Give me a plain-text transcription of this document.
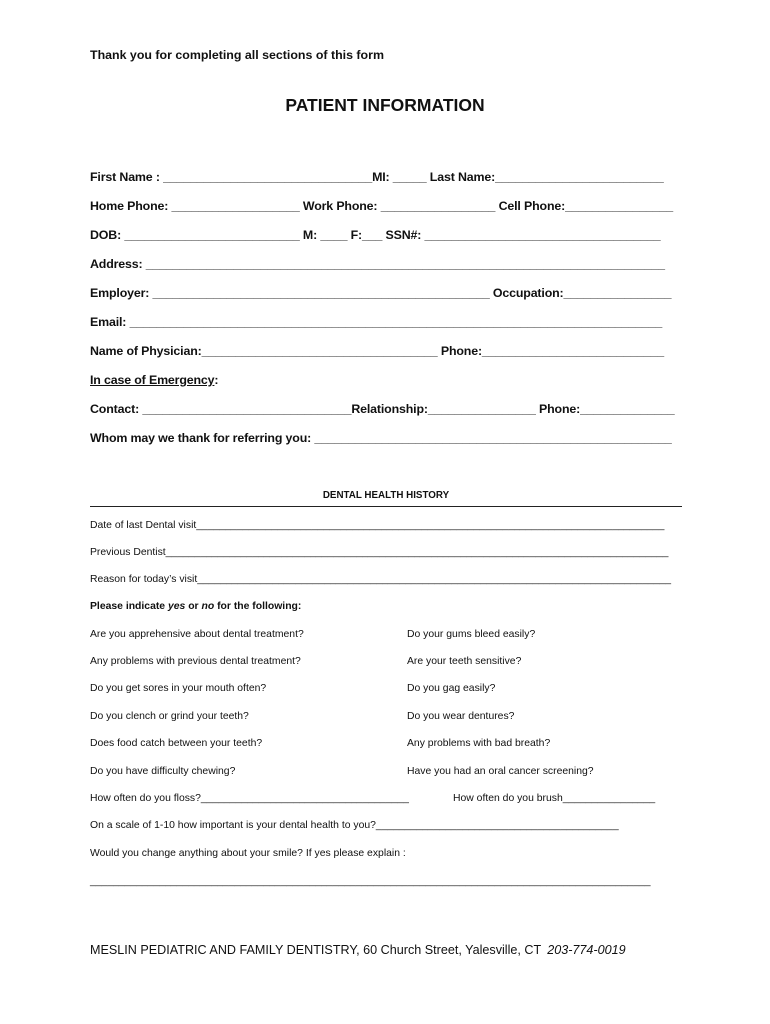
Thank you for completing all sections of this form
PATIENT INFORMATION
First Name : _______________________________MI: _____ Last Name:_________________________
Home Phone: ___________________ Work Phone: _________________ Cell Phone:________________
DOB: __________________________ M: ____ F:___ SSN#: ___________________________________
Address: _____________________________________________________________________________
Employer: __________________________________________________ Occupation:________________
Email: _______________________________________________________________________________
Name of Physician:___________________________________ Phone:___________________________
In case of Emergency:
Contact: _______________________________Relationship:________________ Phone:______________
Whom may we thank for referring you: _____________________________________________________
DENTAL HEALTH HISTORY
Date of last Dental visit_________________________________________________________________________________
Previous Dentist_______________________________________________________________________________________
Reason for today’s visit__________________________________________________________________________________
Please indicate yes or no for the following:
Are you apprehensive about dental treatment?	Do your gums bleed easily?
Any problems with previous dental treatment?	Are your teeth sensitive?
Do you get sores in your mouth often?	Do you gag easily?
Do you clench or grind your teeth?	Do you wear dentures?
Does food catch between your teeth?	Any problems with bad breath?
Do you have difficulty chewing?	Have you had an oral cancer screening?
How often do you floss?____________________________________	How often do you brush________________
On a scale of 1-10 how important is your dental health to you?__________________________________________
Would you change anything about your smile? If yes please explain :
_________________________________________________________________________________________________
MESLIN PEDIATRIC AND FAMILY DENTISTRY, 60 Church Street, Yalesville, CT 203-774-0019
